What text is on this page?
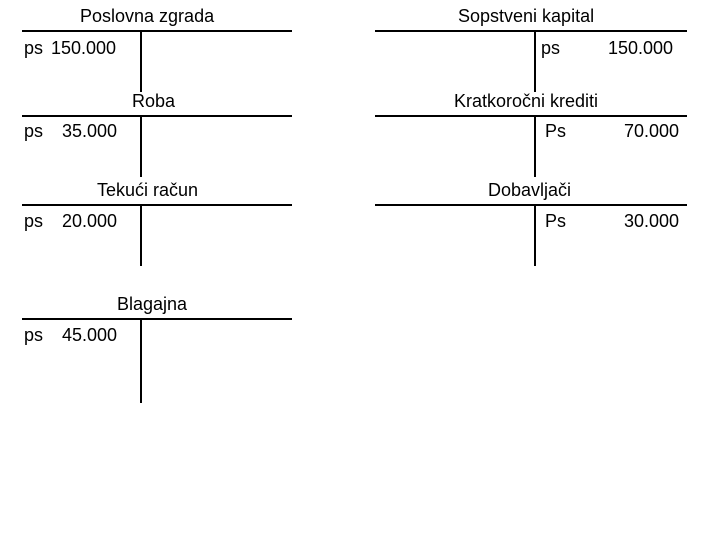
Poslovna zgrada
ps 150.000
Roba
ps 35.000
Tekući račun
ps 20.000
Blagajna
ps 45.000
Sopstveni kapital
ps	150.000
Kratkoročni krediti
Ps	70.000
Dobavljači
Ps	30.000
